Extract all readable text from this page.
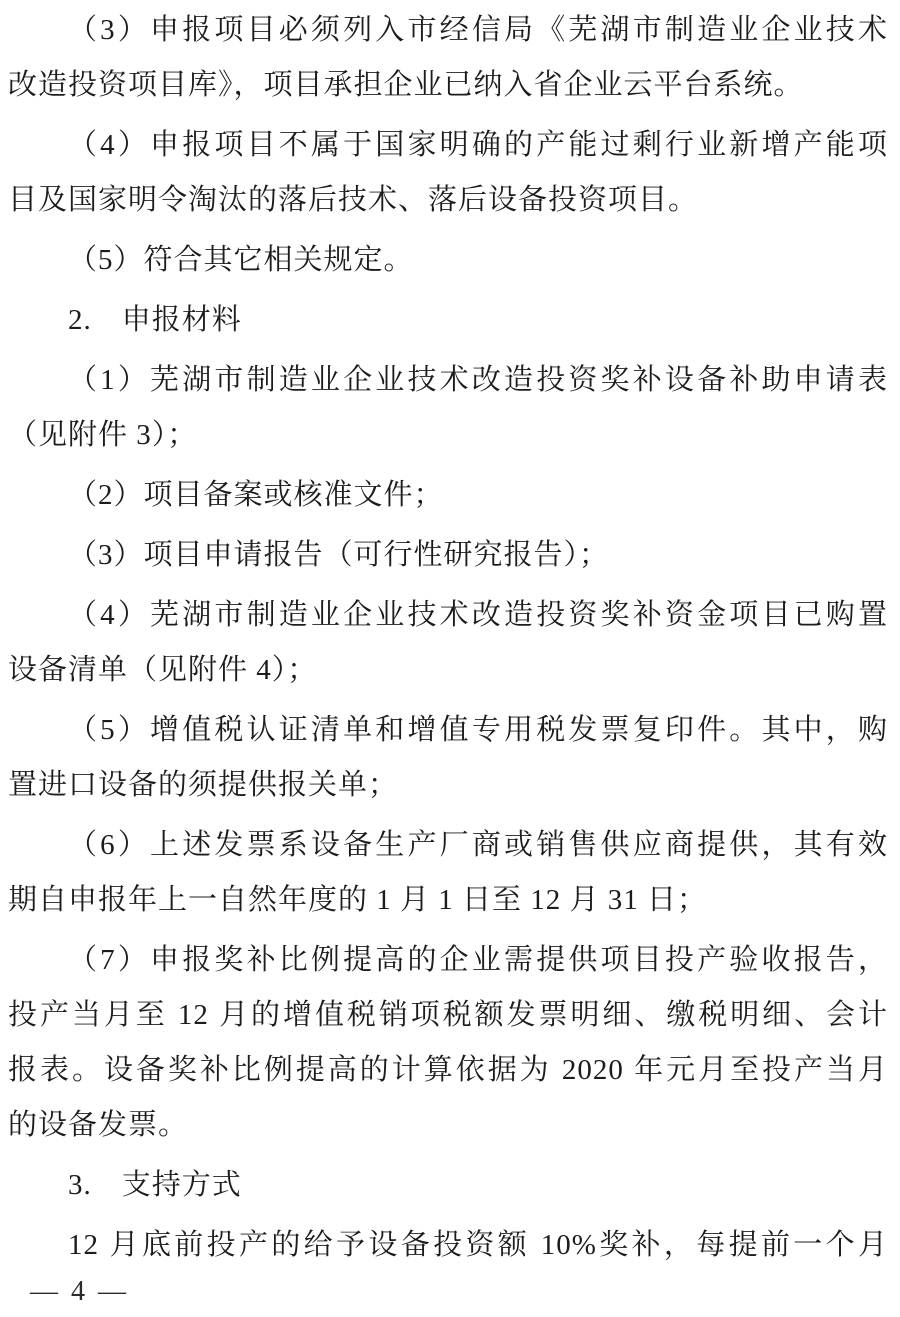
（3）申报项目必须列入市经信局《芜湖市制造业企业技术
改造投资项目库》，项目承担企业已纳入省企业云平台系统。
（4）申报项目不属于国家明确的产能过剩行业新增产能项
目及国家明令淘汰的落后技术、落后设备投资项目。
（5）符合其它相关规定。
2.　申报材料
（1）芜湖市制造业企业技术改造投资奖补设备补助申请表
（见附件 3）；
（2）项目备案或核准文件；
（3）项目申请报告（可行性研究报告）；
（4）芜湖市制造业企业技术改造投资奖补资金项目已购置
设备清单（见附件 4）；
（5）增值税认证清单和增值专用税发票复印件。其中，购
置进口设备的须提供报关单；
（6）上述发票系设备生产厂商或销售供应商提供，其有效
期自申报年上一自然年度的 1 月 1 日至 12 月 31 日；
（7）申报奖补比例提高的企业需提供项目投产验收报告，
投产当月至 12 月的增值税销项税额发票明细、缴税明细、会计
报表。设备奖补比例提高的计算依据为 2020 年元月至投产当月
的设备发票。
3.　支持方式
12 月底前投产的给予设备投资额 10%奖补，每提前一个月
— 4 —
